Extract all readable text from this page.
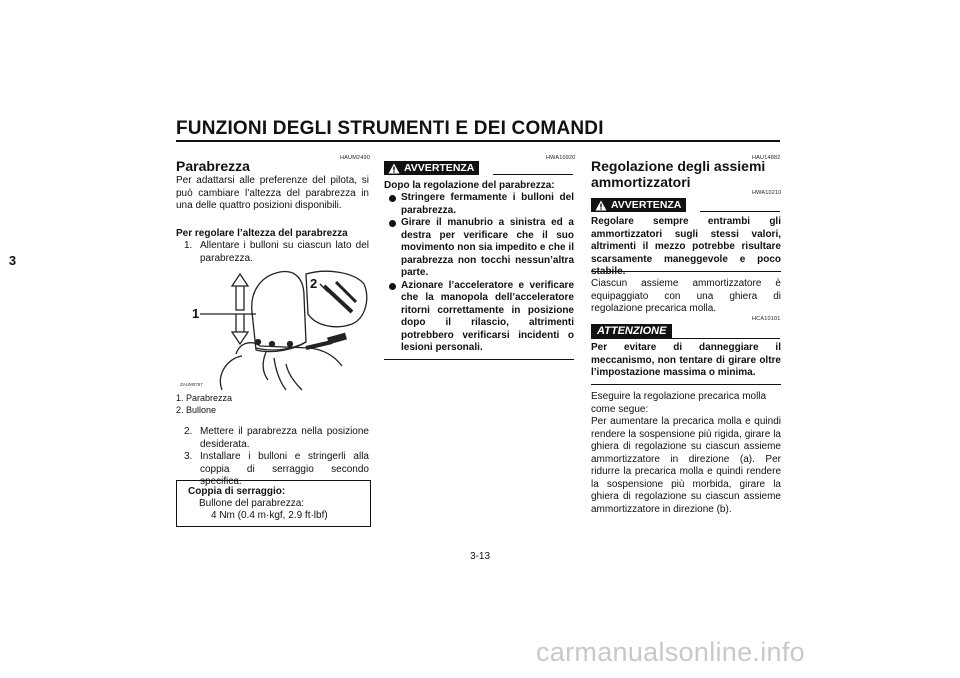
FUNZIONI DEGLI STRUMENTI E DEI COMANDI
3
HAUM2490
Parabrezza
Per adattarsi alle preferenze del pilota, si può cambiare l’altezza del parabrezza in una delle quattro posizioni disponibili.
Per regolare l’altezza del parabrezza
1. Allentare i bulloni su ciascun lato del parabrezza.
1
2
ZAUM0797
1. Parabrezza
2. Bullone
2. Mettere il parabrezza nella posizione desiderata.
3. Installare i bulloni e stringerli alla coppia di serraggio secondo specifica.
Coppia di serraggio:
Bullone del parabrezza:
4 Nm (0.4 m·kgf, 2.9 ft·lbf)
HWA10920
AVVERTENZA
Dopo la regolazione del parabrezza:
Stringere fermamente i bulloni del parabrezza.
Girare il manubrio a sinistra ed a destra per verificare che il suo movimento non sia impedito e che il parabrezza non tocchi nessun’altra parte.
Azionare l’acceleratore e verificare che la manopola dell’acceleratore ritorni correttamente in posizione dopo il rilascio, altrimenti potrebbero verificarsi incidenti o lesioni personali.
HAU14882
Regolazione degli assiemi ammortizzatori
HWA10210
AVVERTENZA
Regolare sempre entrambi gli ammortizzatori sugli stessi valori, altrimenti il mezzo potrebbe risultare scarsamente maneggevole e poco
Ciascun assieme ammortizzatore è equipaggiato con una ghiera di regolazione precarica molla.
HCA10101
ATTENZIONE
Per evitare di danneggiare il meccanismo, non tentare di girare oltre l’impostazione massima o minima.
Eseguire la regolazione precarica molla come segue:
Per aumentare la precarica molla e quindi rendere la sospensione più rigida, girare la ghiera di regolazione su ciascun assieme ammortizzatore in direzione (a). Per ridurre la precarica molla e quindi rendere la sospensione più morbida, girare la ghiera di regolazione su ciascun assieme ammortizzatore in direzione (b).
3-13
carmanualsonline.info
